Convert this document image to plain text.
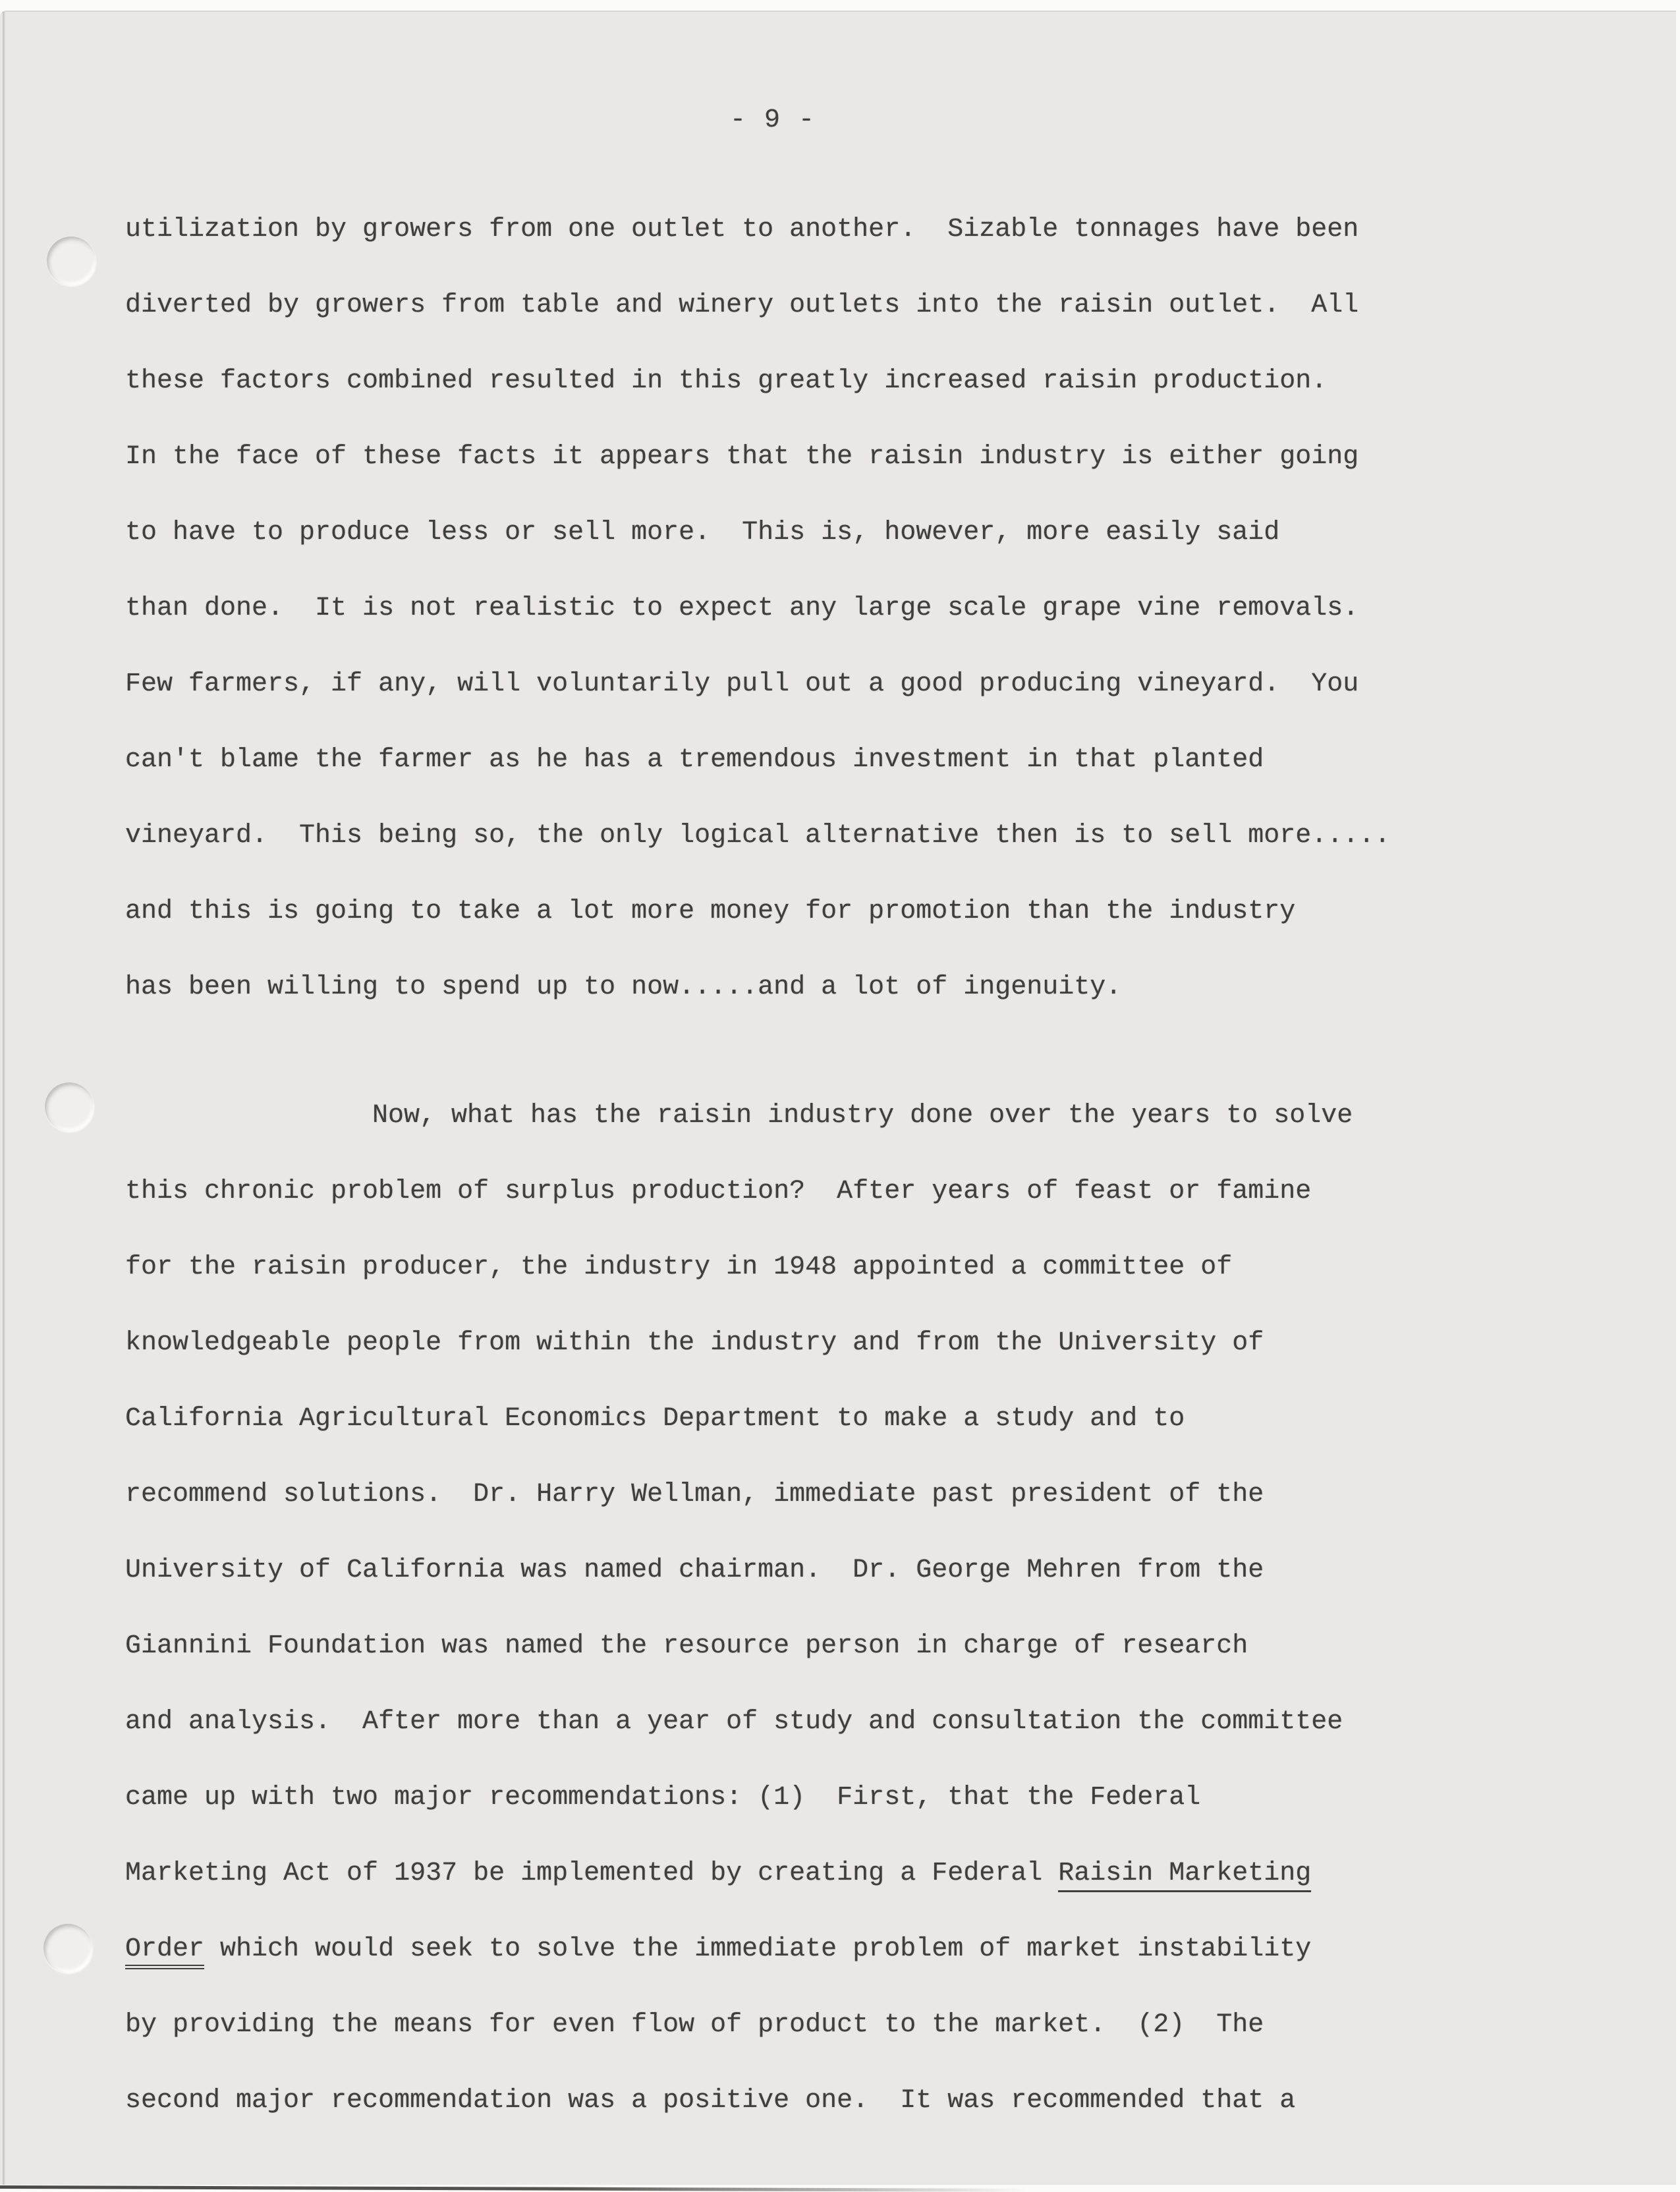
- 9 -
utilization by growers from one outlet to another.  Sizable tonnages have been
diverted by growers from table and winery outlets into the raisin outlet.  All
these factors combined resulted in this greatly increased raisin production.
In the face of these facts it appears that the raisin industry is either going
to have to produce less or sell more.  This is, however, more easily said
than done.  It is not realistic to expect any large scale grape vine removals.
Few farmers, if any, will voluntarily pull out a good producing vineyard.  You
can't blame the farmer as he has a tremendous investment in that planted
vineyard.  This being so, the only logical alternative then is to sell more.....
and this is going to take a lot more money for promotion than the industry
has been willing to spend up to now.....and a lot of ingenuity.
Now, what has the raisin industry done over the years to solve
this chronic problem of surplus production?  After years of feast or famine
for the raisin producer, the industry in 1948 appointed a committee of
knowledgeable people from within the industry and from the University of
California Agricultural Economics Department to make a study and to
recommend solutions.  Dr. Harry Wellman, immediate past president of the
University of California was named chairman.  Dr. George Mehren from the
Giannini Foundation was named the resource person in charge of research
and analysis.  After more than a year of study and consultation the committee
came up with two major recommendations: (1)  First, that the Federal
Marketing Act of 1937 be implemented by creating a Federal Raisin Marketing
Order which would seek to solve the immediate problem of market instability
by providing the means for even flow of product to the market.  (2)  The
second major recommendation was a positive one.  It was recommended that a
